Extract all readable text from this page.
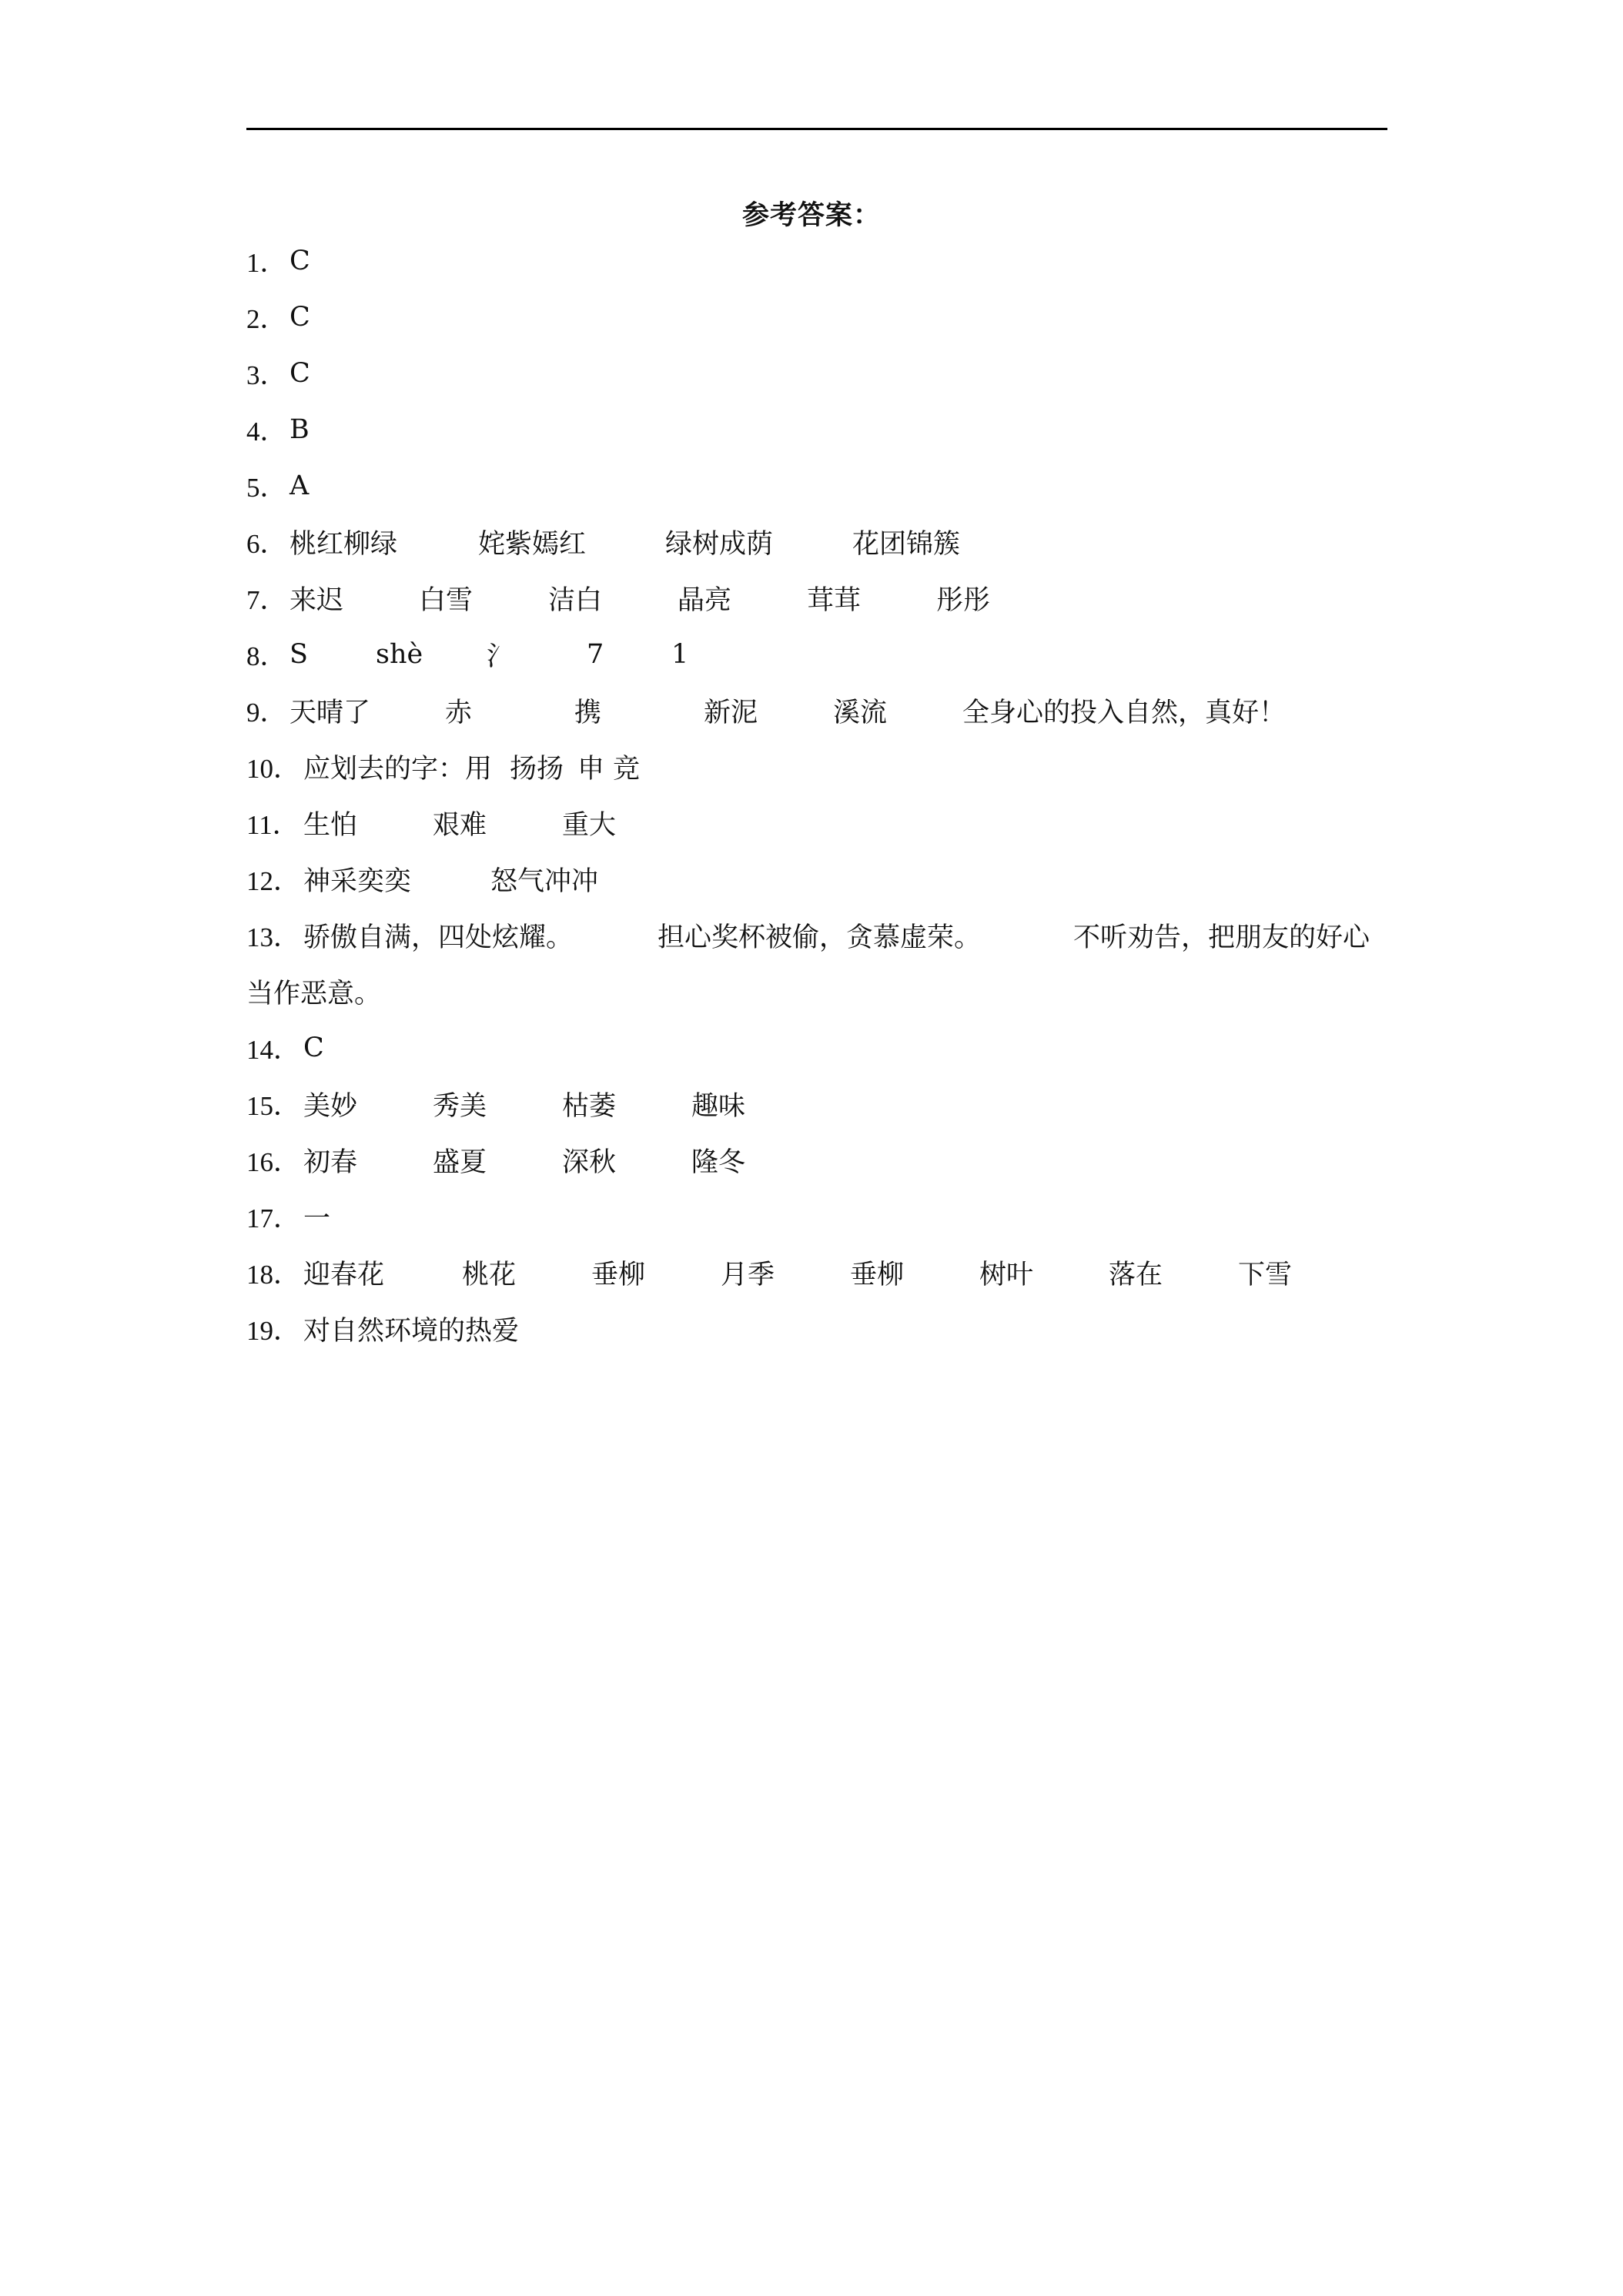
参考答案：
1． C
2． C
3． C
4． B
5． A
6． 桃红柳绿	姹紫嫣红	绿树成荫	花团锦簇
7． 来迟	白雪	洁白	晶亮	茸茸	彤彤
8． S	shè	氵	7	1
9． 天晴了	赤	携	新泥	溪流	全身心的投入自然，真好！
10． 应划去的字：用 扬扬 申 竞
11． 生怕	艰难	重大
12． 神采奕奕	怒气冲冲
13． 骄傲自满，四处炫耀。	担心奖杯被偷，贪慕虚荣。	不听劝告，把朋友的好心
当作恶意。
14． C
15． 美妙	秀美	枯萎	趣味
16． 初春	盛夏	深秋	隆冬
17． 一
18． 迎春花	桃花	垂柳	月季	垂柳	树叶	落在	下雪
19． 对自然环境的热爱
